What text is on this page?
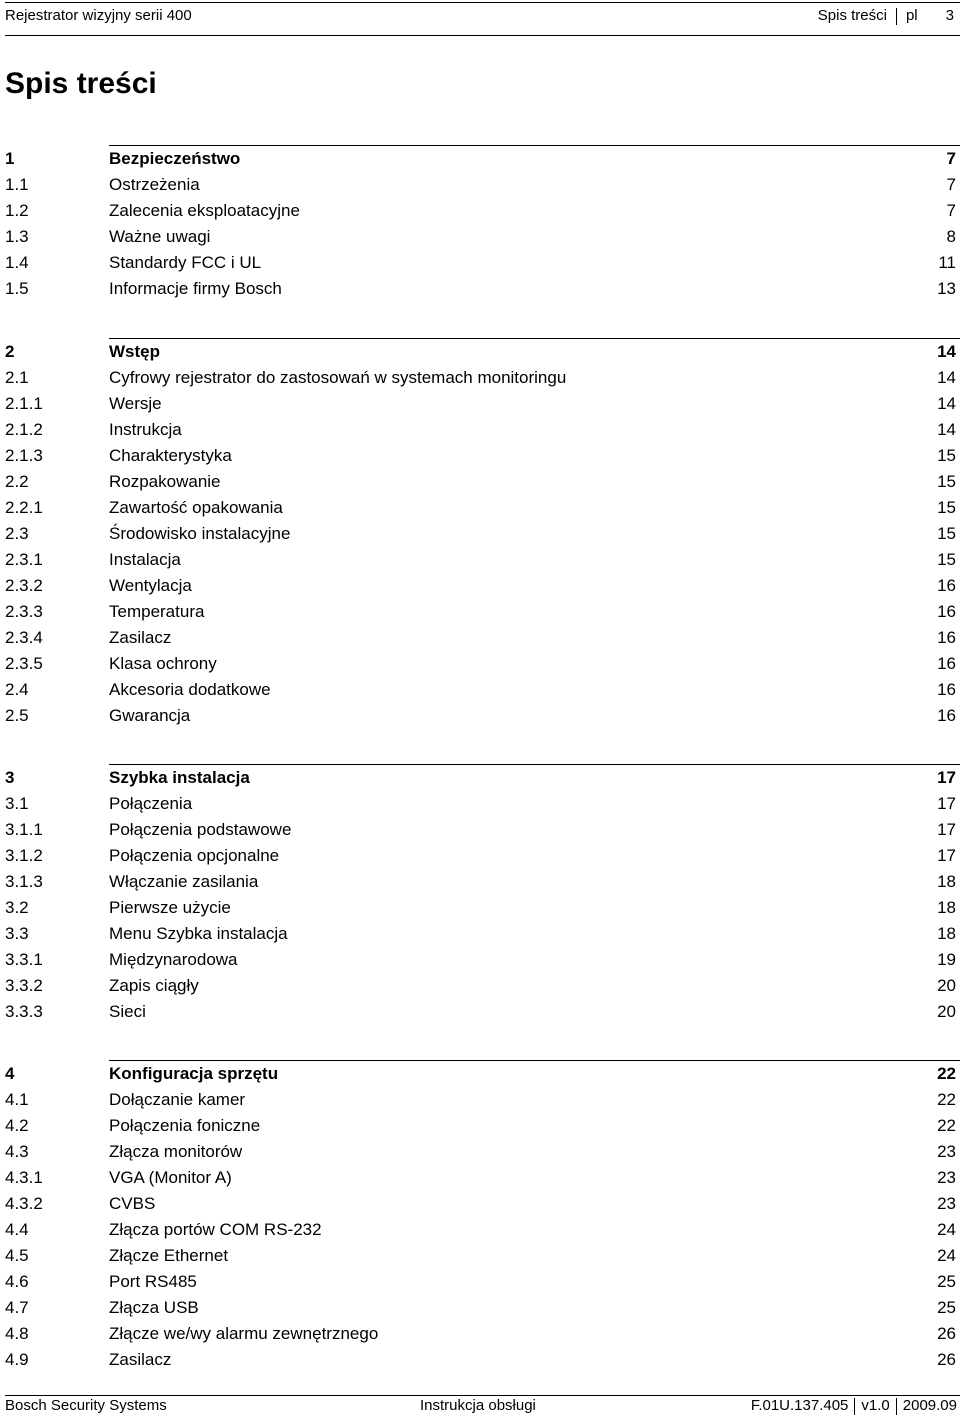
Rejestrator wizyjny serii 400	Spis treści pl 3
Spis treści
1	Bezpieczeństwo	7
1.1	Ostrzeżenia	7
1.2	Zalecenia eksploatacyjne	7
1.3	Ważne uwagi	8
1.4	Standardy FCC i UL	11
1.5	Informacje firmy Bosch	13
2	Wstęp	14
2.1	Cyfrowy rejestrator do zastosowań w systemach monitoringu	14
2.1.1	Wersje	14
2.1.2	Instrukcja	14
2.1.3	Charakterystyka	15
2.2	Rozpakowanie	15
2.2.1	Zawartość opakowania	15
2.3	Środowisko instalacyjne	15
2.3.1	Instalacja	15
2.3.2	Wentylacja	16
2.3.3	Temperatura	16
2.3.4	Zasilacz	16
2.3.5	Klasa ochrony	16
2.4	Akcesoria dodatkowe	16
2.5	Gwarancja	16
3	Szybka instalacja	17
3.1	Połączenia	17
3.1.1	Połączenia podstawowe	17
3.1.2	Połączenia opcjonalne	17
3.1.3	Włączanie zasilania	18
3.2	Pierwsze użycie	18
3.3	Menu Szybka instalacja	18
3.3.1	Międzynarodowa	19
3.3.2	Zapis ciągły	20
3.3.3	Sieci	20
4	Konfiguracja sprzętu	22
4.1	Dołączanie kamer	22
4.2	Połączenia foniczne	22
4.3	Złącza monitorów	23
4.3.1	VGA (Monitor A)	23
4.3.2	CVBS	23
4.4	Złącza portów COM RS-232	24
4.5	Złącze Ethernet	24
4.6	Port RS485	25
4.7	Złącza USB	25
4.8	Złącze we/wy alarmu zewnętrznego	26
4.9	Zasilacz	26
Bosch Security Systems	Instrukcja obsługi	F.01U.137.405 v1.0 2009.09
